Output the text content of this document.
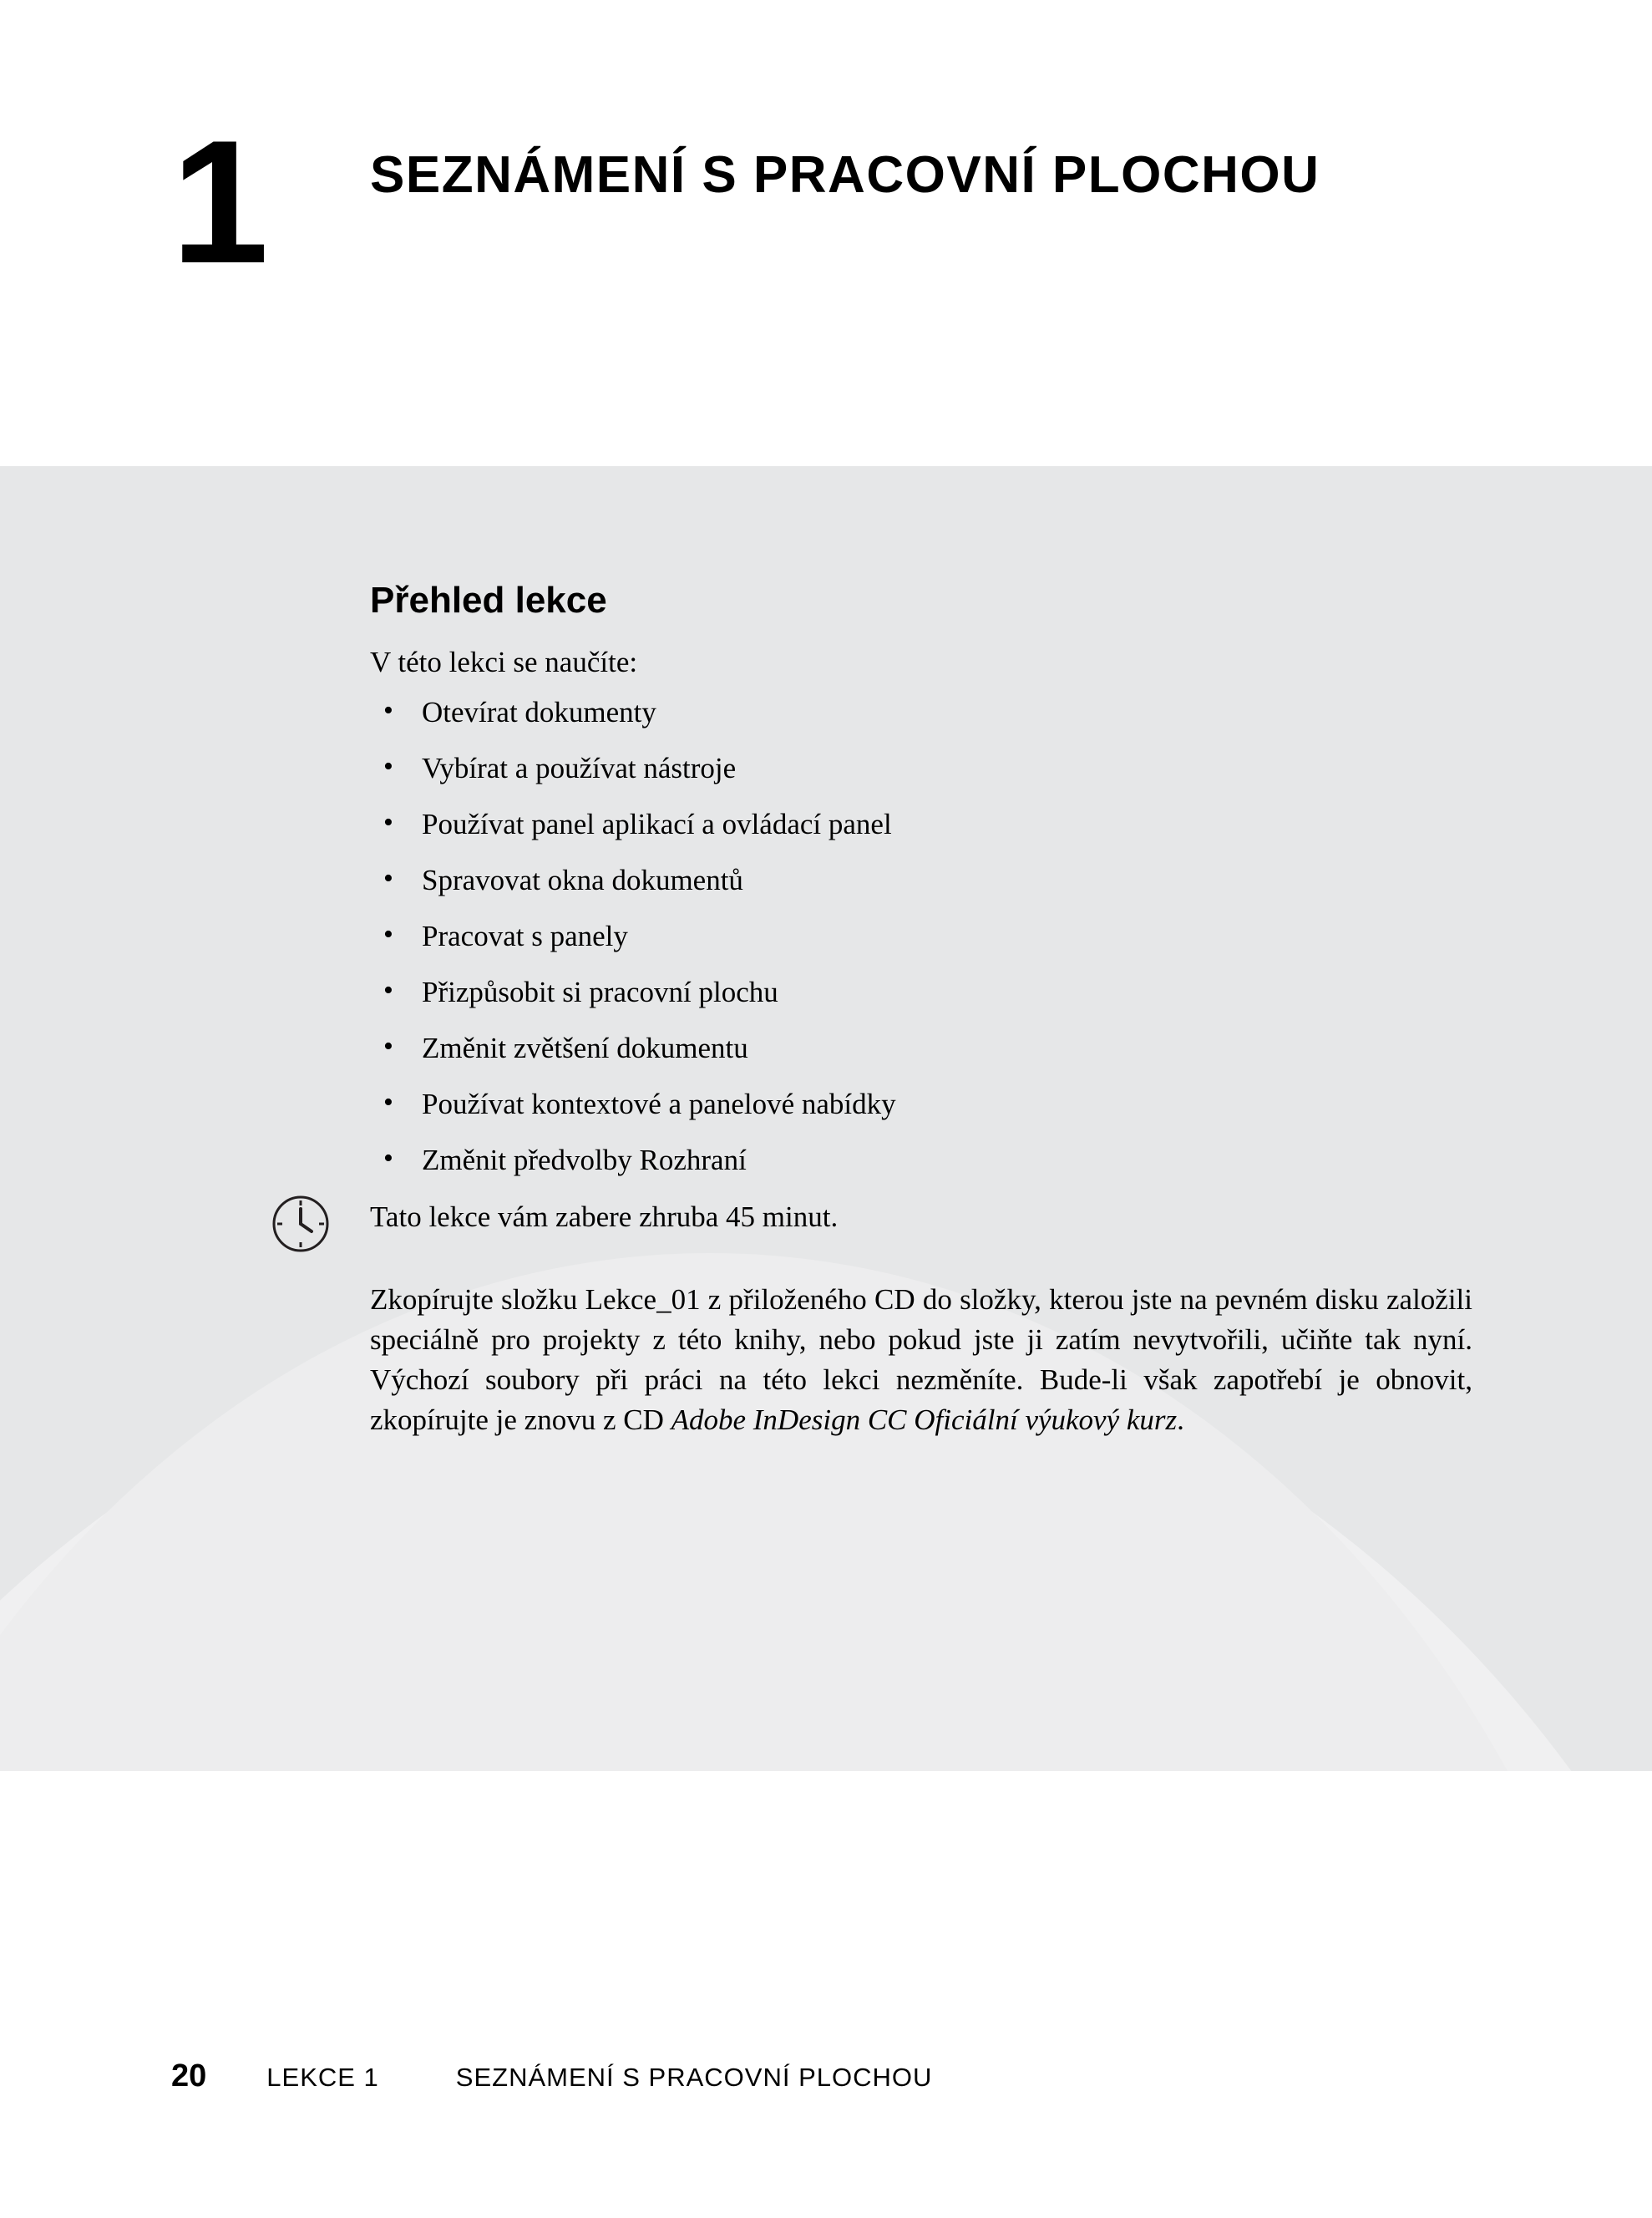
1 SEZNÁMENÍ S PRACOVNÍ PLOCHOU
Přehled lekce

V této lekci se naučíte:

• Otevírat dokumenty
• Vybírat a používat nástroje
• Používat panel aplikací a ovládací panel
• Spravovat okna dokumentů
• Pracovat s panely
• Přizpůsobit si pracovní plochu
• Změnit zvětšení dokumentu
• Používat kontextové a panelové nabídky
• Změnit předvolby Rozhraní

Tato lekce vám zabere zhruba 45 minut.

Zkopírujte složku Lekce_01 z přiloženého CD do složky, kterou jste na pevném disku založili speciálně pro projekty z této knihy, nebo pokud jste ji zatím nevytvořili, učiňte tak nyní. Výchozí soubory při práci na této lekci nezměníte. Bude-li však zapotřebí je obnovit, zkopírujte je znovu z CD Adobe InDesign CC Oficiální výukový kurz.

20 LEKCE 1	SEZNÁMENÍ S PRACOVNÍ PLOCHOU
